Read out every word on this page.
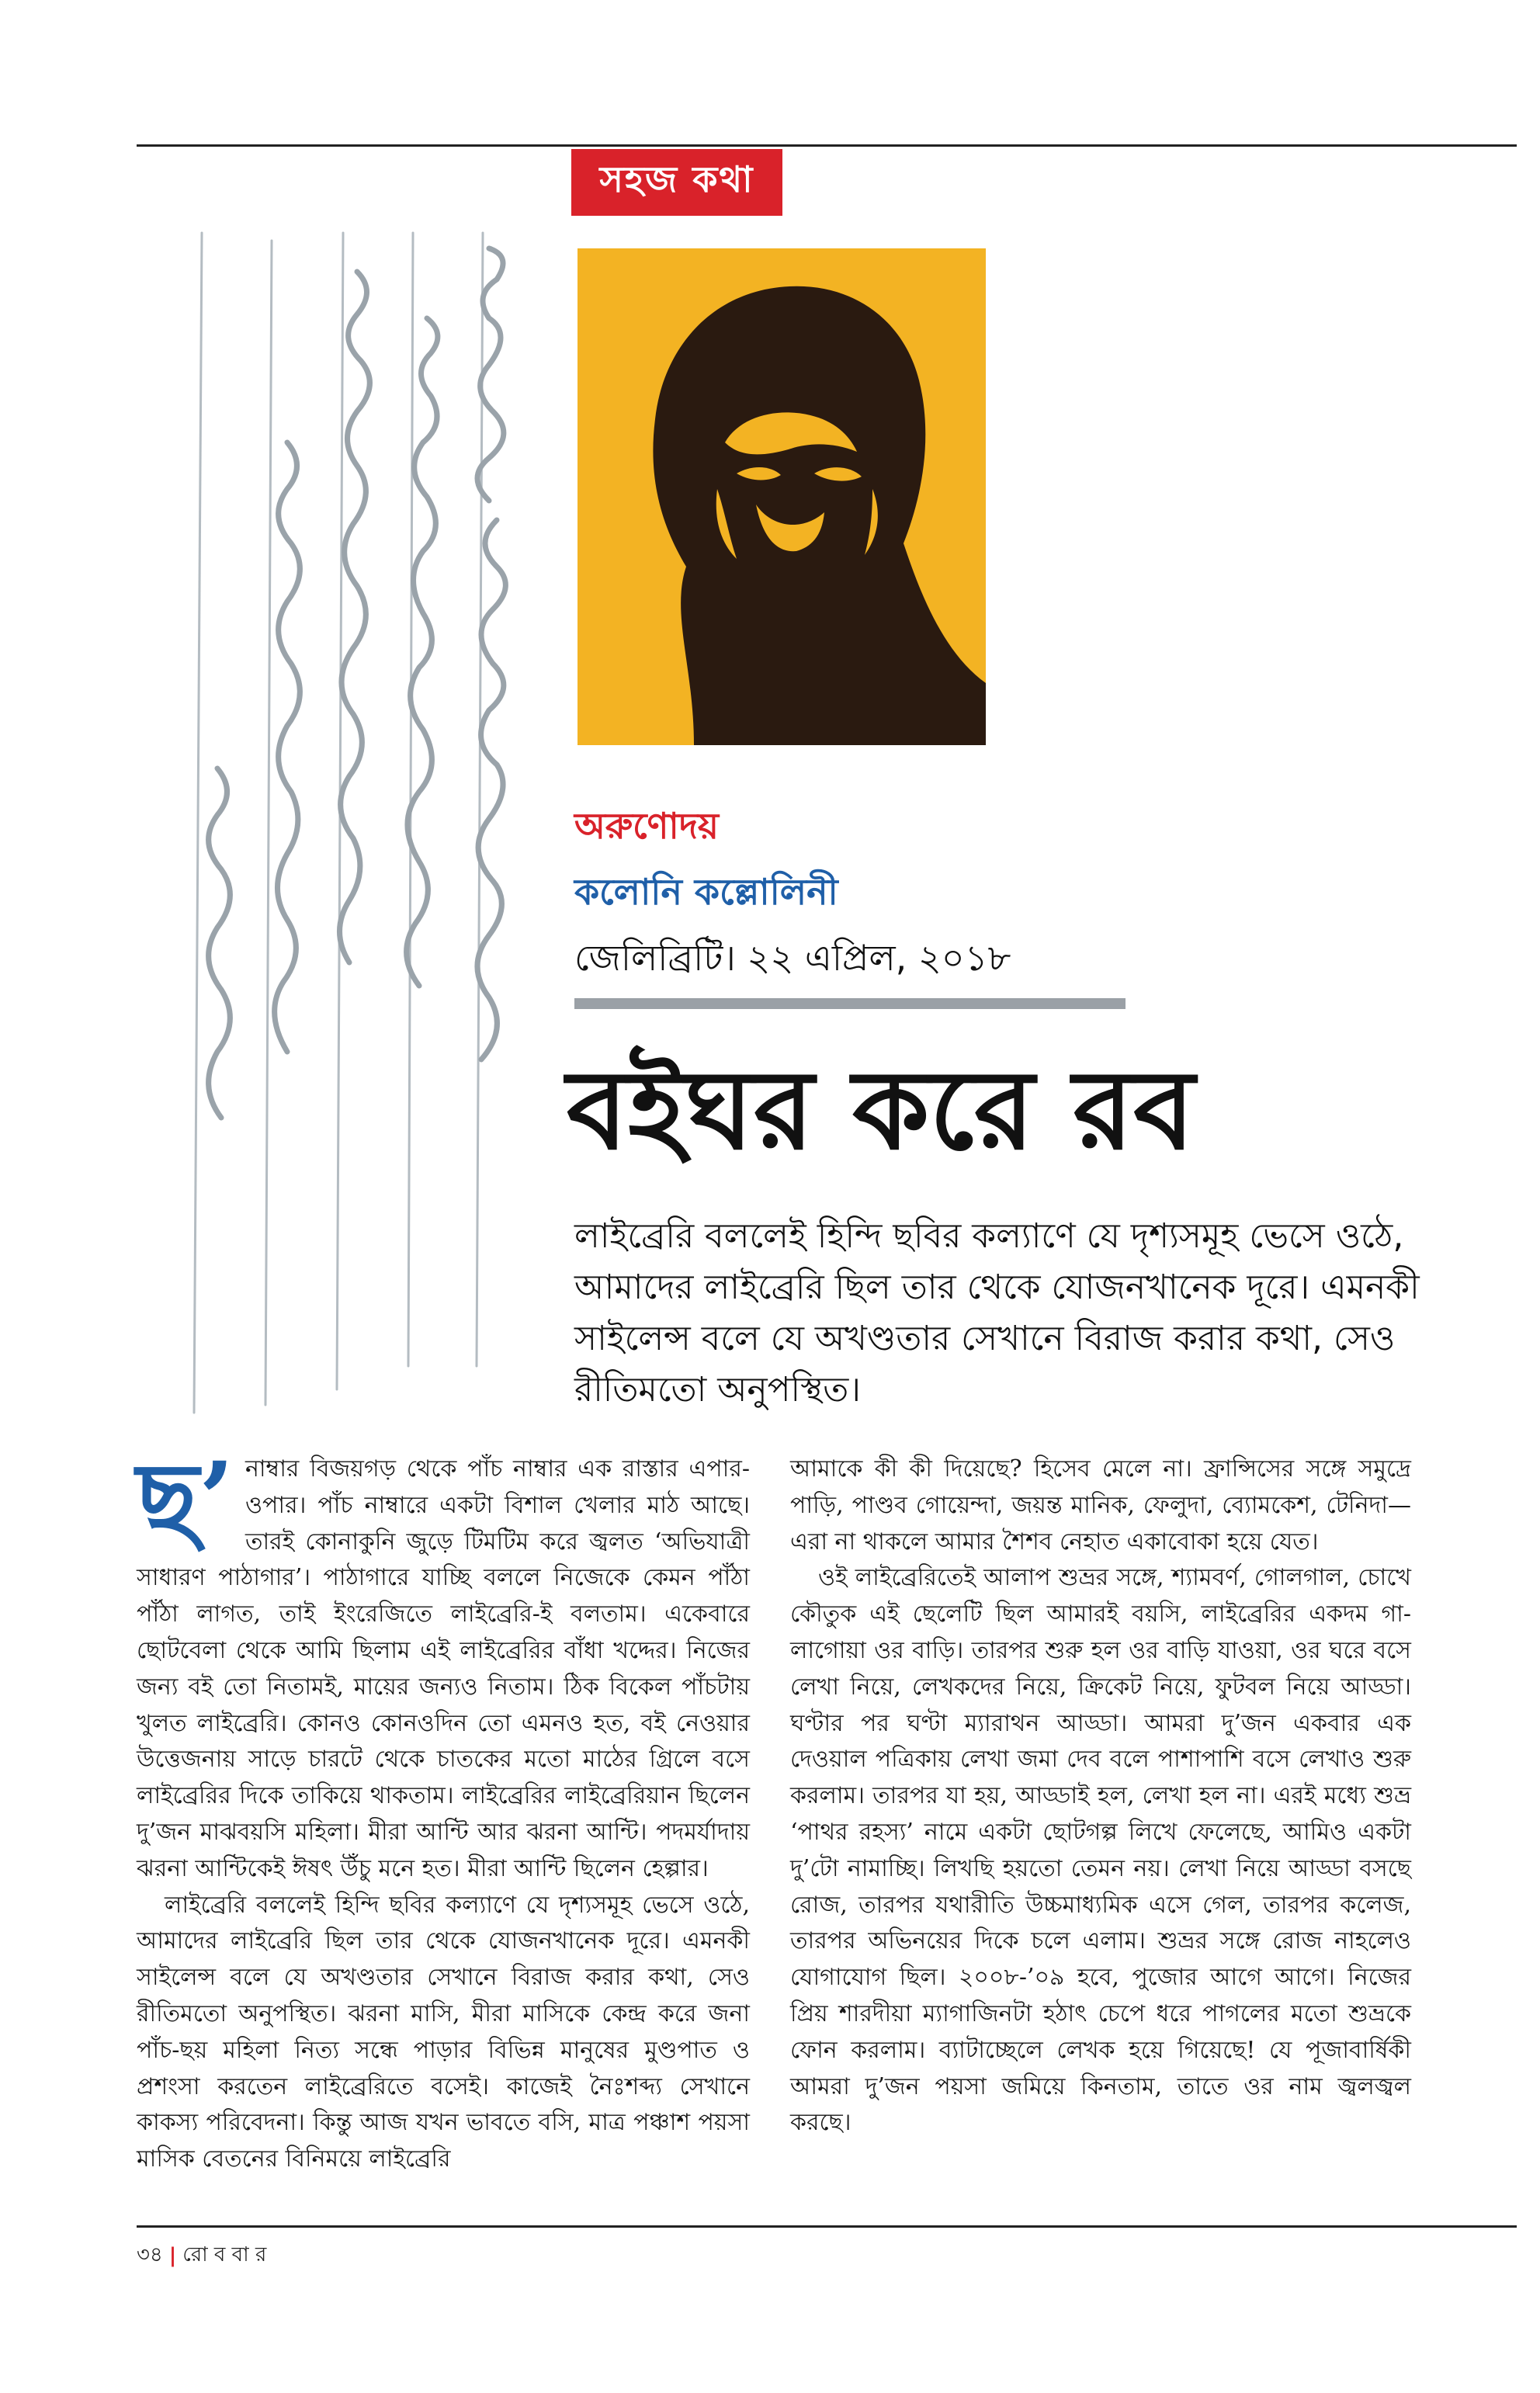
সহজ কথা
অরুণোদয়
কলোনি কল্লোলিনী
জেলিব্রিটি। ২২ এপ্রিল, ২০১৮
বইঘর করে রব
লাইব্রেরি বললেই হিন্দি ছবির কল্যাণে যে দৃশ্যসমূহ ভেসে ওঠে, আমাদের লাইব্রেরি ছিল তার থেকে যোজনখানেক দূরে। এমনকী সাইলেন্স বলে যে অখণ্ডতার সেখানে বিরাজ করার কথা, সেও রীতিমতো অনুপস্থিত।
ছ’ নাম্বার বিজয়গড় থেকে পাঁচ নাম্বার এক রাস্তার এপার-ওপার। পাঁচ নাম্বারে একটা বিশাল খেলার মাঠ আছে। তারই কোনাকুনি জুড়ে টিমটিম করে জ্বলত ‘অভিযাত্রী সাধারণ পাঠাগার’। পাঠাগারে যাচ্ছি বললে নিজেকে কেমন পাঁঠা পাঁঠা লাগত, তাই ইংরেজিতে লাইব্রেরি-ই বলতাম। একেবারে ছোটবেলা থেকে আমি ছিলাম এই লাইব্রেরির বাঁধা খদ্দের। নিজের জন্য বই তো নিতামই, মায়ের জন্যও নিতাম। ঠিক বিকেল পাঁচটায় খুলত লাইব্রেরি। কোনও কোনওদিন তো এমনও হত, বই নেওয়ার উত্তেজনায় সাড়ে চারটে থেকে চাতকের মতো মাঠের গ্রিলে বসে লাইব্রেরির দিকে তাকিয়ে থাকতাম। লাইব্রেরির লাইব্রেরিয়ান ছিলেন দু’জন মাঝবয়সি মহিলা। মীরা আন্টি আর ঝরনা আন্টি। পদমর্যাদায় ঝরনা আন্টিকেই ঈষৎ উঁচু মনে হত। মীরা আন্টি ছিলেন হেল্পার।

লাইব্রেরি বললেই হিন্দি ছবির কল্যাণে যে দৃশ্যসমূহ ভেসে ওঠে, আমাদের লাইব্রেরি ছিল তার থেকে যোজনখানেক দূরে। এমনকী সাইলেন্স বলে যে অখণ্ডতার সেখানে বিরাজ করার কথা, সেও রীতিমতো অনুপস্থিত। ঝরনা মাসি, মীরা মাসিকে কেন্দ্র করে জনা পাঁচ-ছয় মহিলা নিত্য সন্ধে পাড়ার বিভিন্ন মানুষের মুণ্ডপাত ও প্রশংসা করতেন লাইব্রেরিতে বসেই। কাজেই নৈঃশব্দ্য সেখানে কাকস্য পরিবেদনা। কিন্তু আজ যখন ভাবতে বসি, মাত্র পঞ্চাশ পয়সা মাসিক বেতনের বিনিময়ে লাইব্রেরি

আমাকে কী কী দিয়েছে? হিসেব মেলে না। ফ্রান্সিসের সঙ্গে সমুদ্রে পাড়ি, পাণ্ডব গোয়েন্দা, জয়ন্ত মানিক, ফেলুদা, ব্যোমকেশ, টেনিদা— এরা না থাকলে আমার শৈশব নেহাত একাবোকা হয়ে যেত।

ওই লাইব্রেরিতেই আলাপ শুভ্রর সঙ্গে, শ্যামবর্ণ, গোলগাল, চোখে কৌতুক এই ছেলেটি ছিল আমারই বয়সি, লাইব্রেরির একদম গা-লাগোয়া ওর বাড়ি। তারপর শুরু হল ওর বাড়ি যাওয়া, ওর ঘরে বসে লেখা নিয়ে, লেখকদের নিয়ে, ক্রিকেট নিয়ে, ফুটবল নিয়ে আড্ডা। ঘণ্টার পর ঘণ্টা ম্যারাথন আড্ডা। আমরা দু’জন একবার এক দেওয়াল পত্রিকায় লেখা জমা দেব বলে পাশাপাশি বসে লেখাও শুরু করলাম। তারপর যা হয়, আড্ডাই হল, লেখা হল না। এরই মধ্যে শুভ্র ‘পাথর রহস্য’ নামে একটা ছোটগল্প লিখে ফেলেছে, আমিও একটা দু’টো নামাচ্ছি। লিখছি হয়তো তেমন নয়। লেখা নিয়ে আড্ডা বসছে রোজ, তারপর যথারীতি উচ্চমাধ্যমিক এসে গেল, তারপর কলেজ, তারপর অভিনয়ের দিকে চলে এলাম। শুভ্রর সঙ্গে রোজ নাহলেও যোগাযোগ ছিল। ২০০৮-’০৯ হবে, পুজোর আগে আগে। নিজের প্রিয় শারদীয়া ম্যাগাজিনটা হঠাৎ চেপে ধরে পাগলের মতো শুভ্রকে ফোন করলাম। ব্যাটাচ্ছেলে লেখক হয়ে গিয়েছে! যে পূজাবার্ষিকী আমরা দু’জন পয়সা জমিয়ে কিনতাম, তাতে ওর নাম জ্বলজ্বল করছে।

৩৪ | রো ব বা র
